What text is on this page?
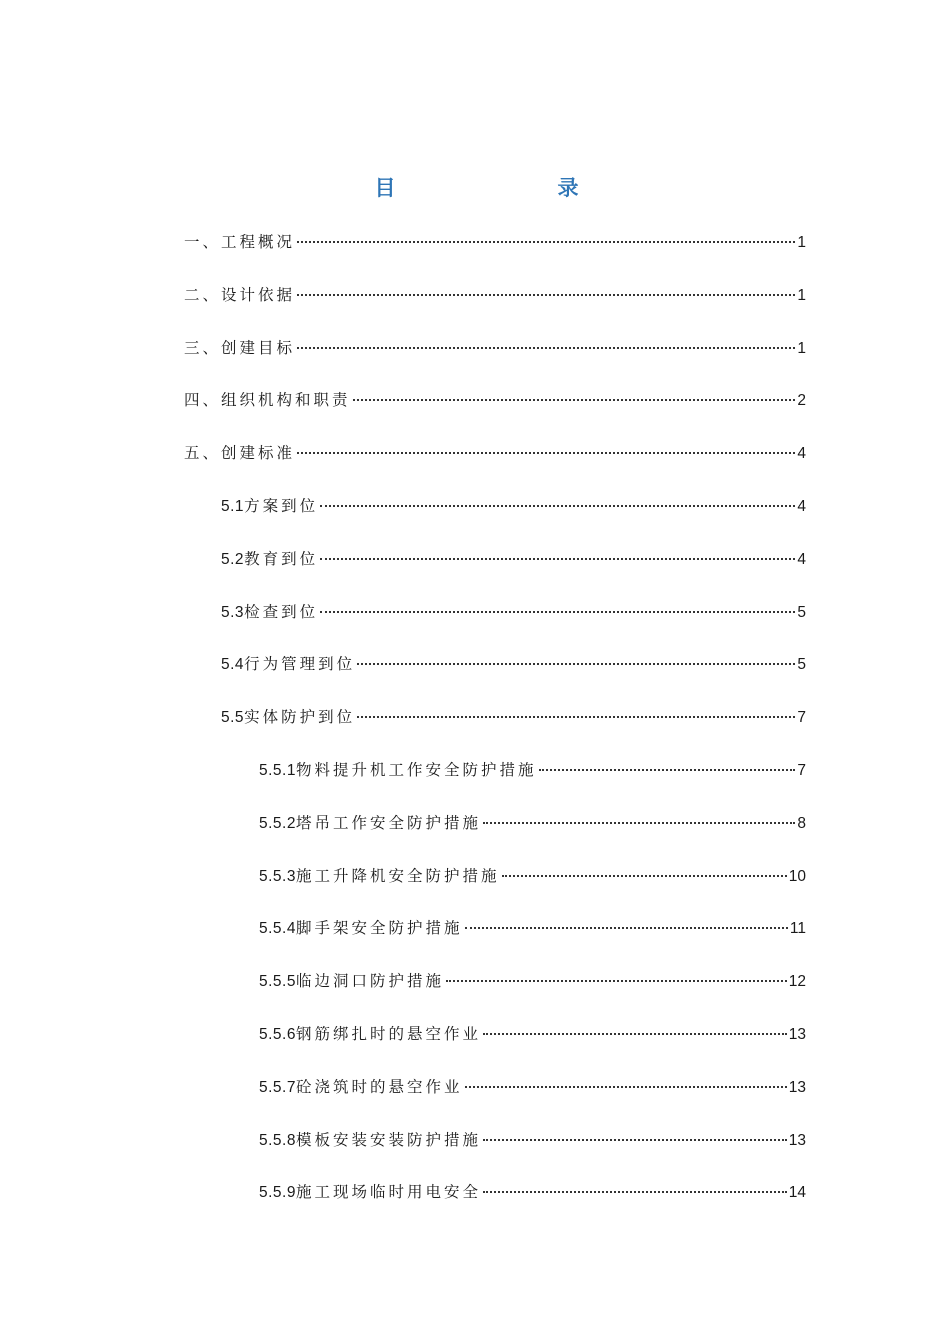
目　　录
一、工程概况	1
二、设计依据	1
三、创建目标	1
四、组织机构和职责	2
五、创建标准	4
5.1 方案到位	4
5.2 教育到位	4
5.3 检查到位	5
5.4 行为管理到位	5
5.5 实体防护到位	7
5.5.1 物料提升机工作安全防护措施	7
5.5.2 塔吊工作安全防护措施	8
5.5.3 施工升降机安全防护措施	10
5.5.4 脚手架安全防护措施	11
5.5.5 临边洞口防护措施	12
5.5.6 钢筋绑扎时的悬空作业	13
5.5.7 砼浇筑时的悬空作业	13
5.5.8 模板安装安装防护措施	13
5.5.9 施工现场临时用电安全	14
